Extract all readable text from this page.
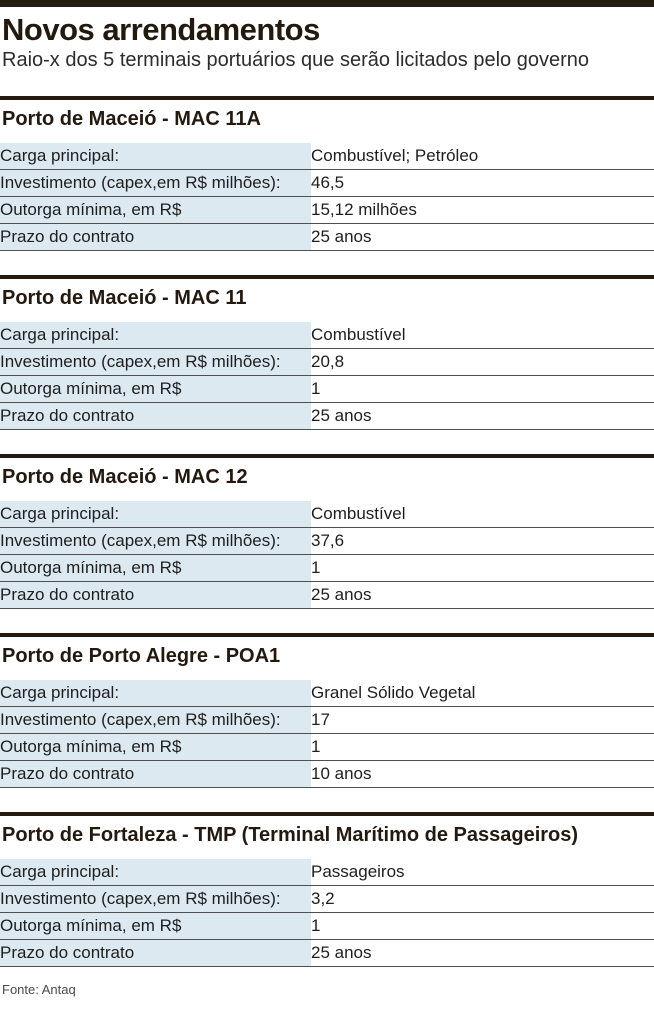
Novos arrendamentos

Raio-x dos 5 terminais portuários que serão licitados pelo governo

Porto de Maceió - MAC 11A
Carga principal:	Combustível; Petróleo
Investimento (capex,em R$ milhões):	46,5
Outorga mínima, em R$	15,12 milhões
Prazo do contrato	25 anos
Porto de Maceió - MAC 11
Carga principal:	Combustível
Investimento (capex,em R$ milhões):	20,8
Outorga mínima, em R$	1
Prazo do contrato	25 anos
Porto de Maceió - MAC 12
Carga principal:	Combustível
Investimento (capex,em R$ milhões):	37,6
Outorga mínima, em R$	1
Prazo do contrato	25 anos
Porto de Porto Alegre - POA1
Carga principal:	Granel Sólido Vegetal
Investimento (capex,em R$ milhões):	17
Outorga mínima, em R$	1
Prazo do contrato	10 anos
Porto de Fortaleza - TMP (Terminal Marítimo de Passageiros)
Carga principal:	Passageiros
Investimento (capex,em R$ milhões):	3,2
Outorga mínima, em R$	1
Prazo do contrato	25 anos

Fonte: Antaq
